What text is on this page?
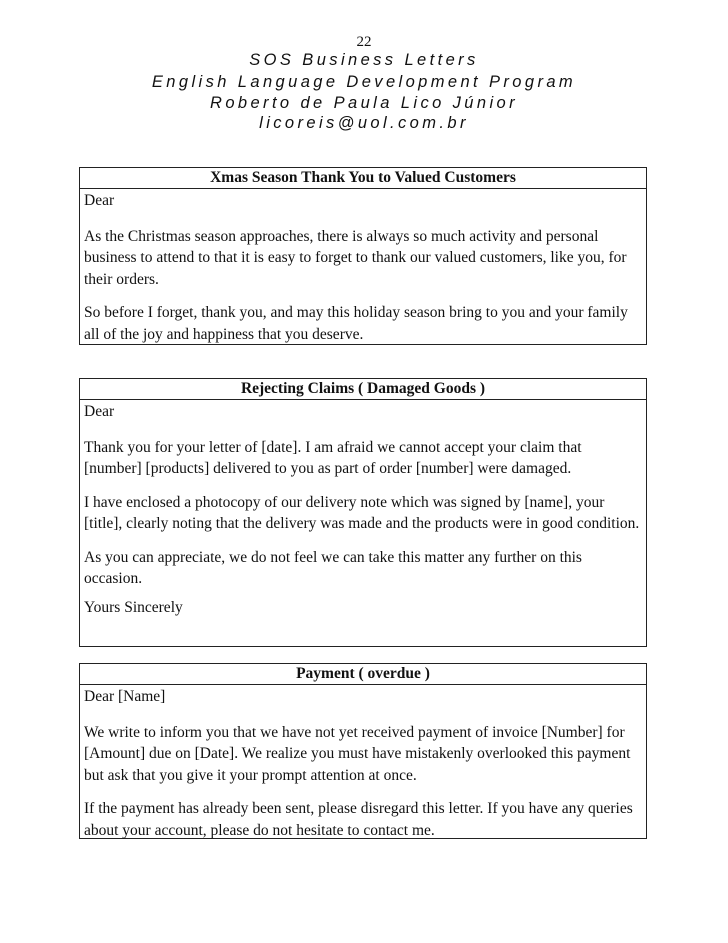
22
SOS Business Letters
English Language Development Program
Roberto de Paula Lico Júnior
licoreis@uol.com.br
Xmas Season Thank You to Valued Customers

Dear

As the Christmas season approaches, there is always so much activity and personal business to attend to that it is easy to forget to thank our valued customers, like you, for their orders.

So before I forget, thank you, and may this holiday season bring to you and your family all of the joy and happiness that you deserve.

Rejecting Claims ( Damaged Goods )

Dear

Thank you for your letter of [date]. I am afraid we cannot accept your claim that [number] [products] delivered to you as part of order [number] were damaged.

I have enclosed a photocopy of our delivery note which was signed by [name], your [title], clearly noting that the delivery was made and the products were in good condition.

As you can appreciate, we do not feel we can take this matter any further on this occasion.

Yours Sincerely

Payment ( overdue )

Dear [Name]

We write to inform you that we have not yet received payment of invoice [Number] for [Amount] due on [Date]. We realize you must have mistakenly overlooked this payment but ask that you give it your prompt attention at once.

If the payment has already been sent, please disregard this letter. If you have any queries about your account, please do not hesitate to contact me.
